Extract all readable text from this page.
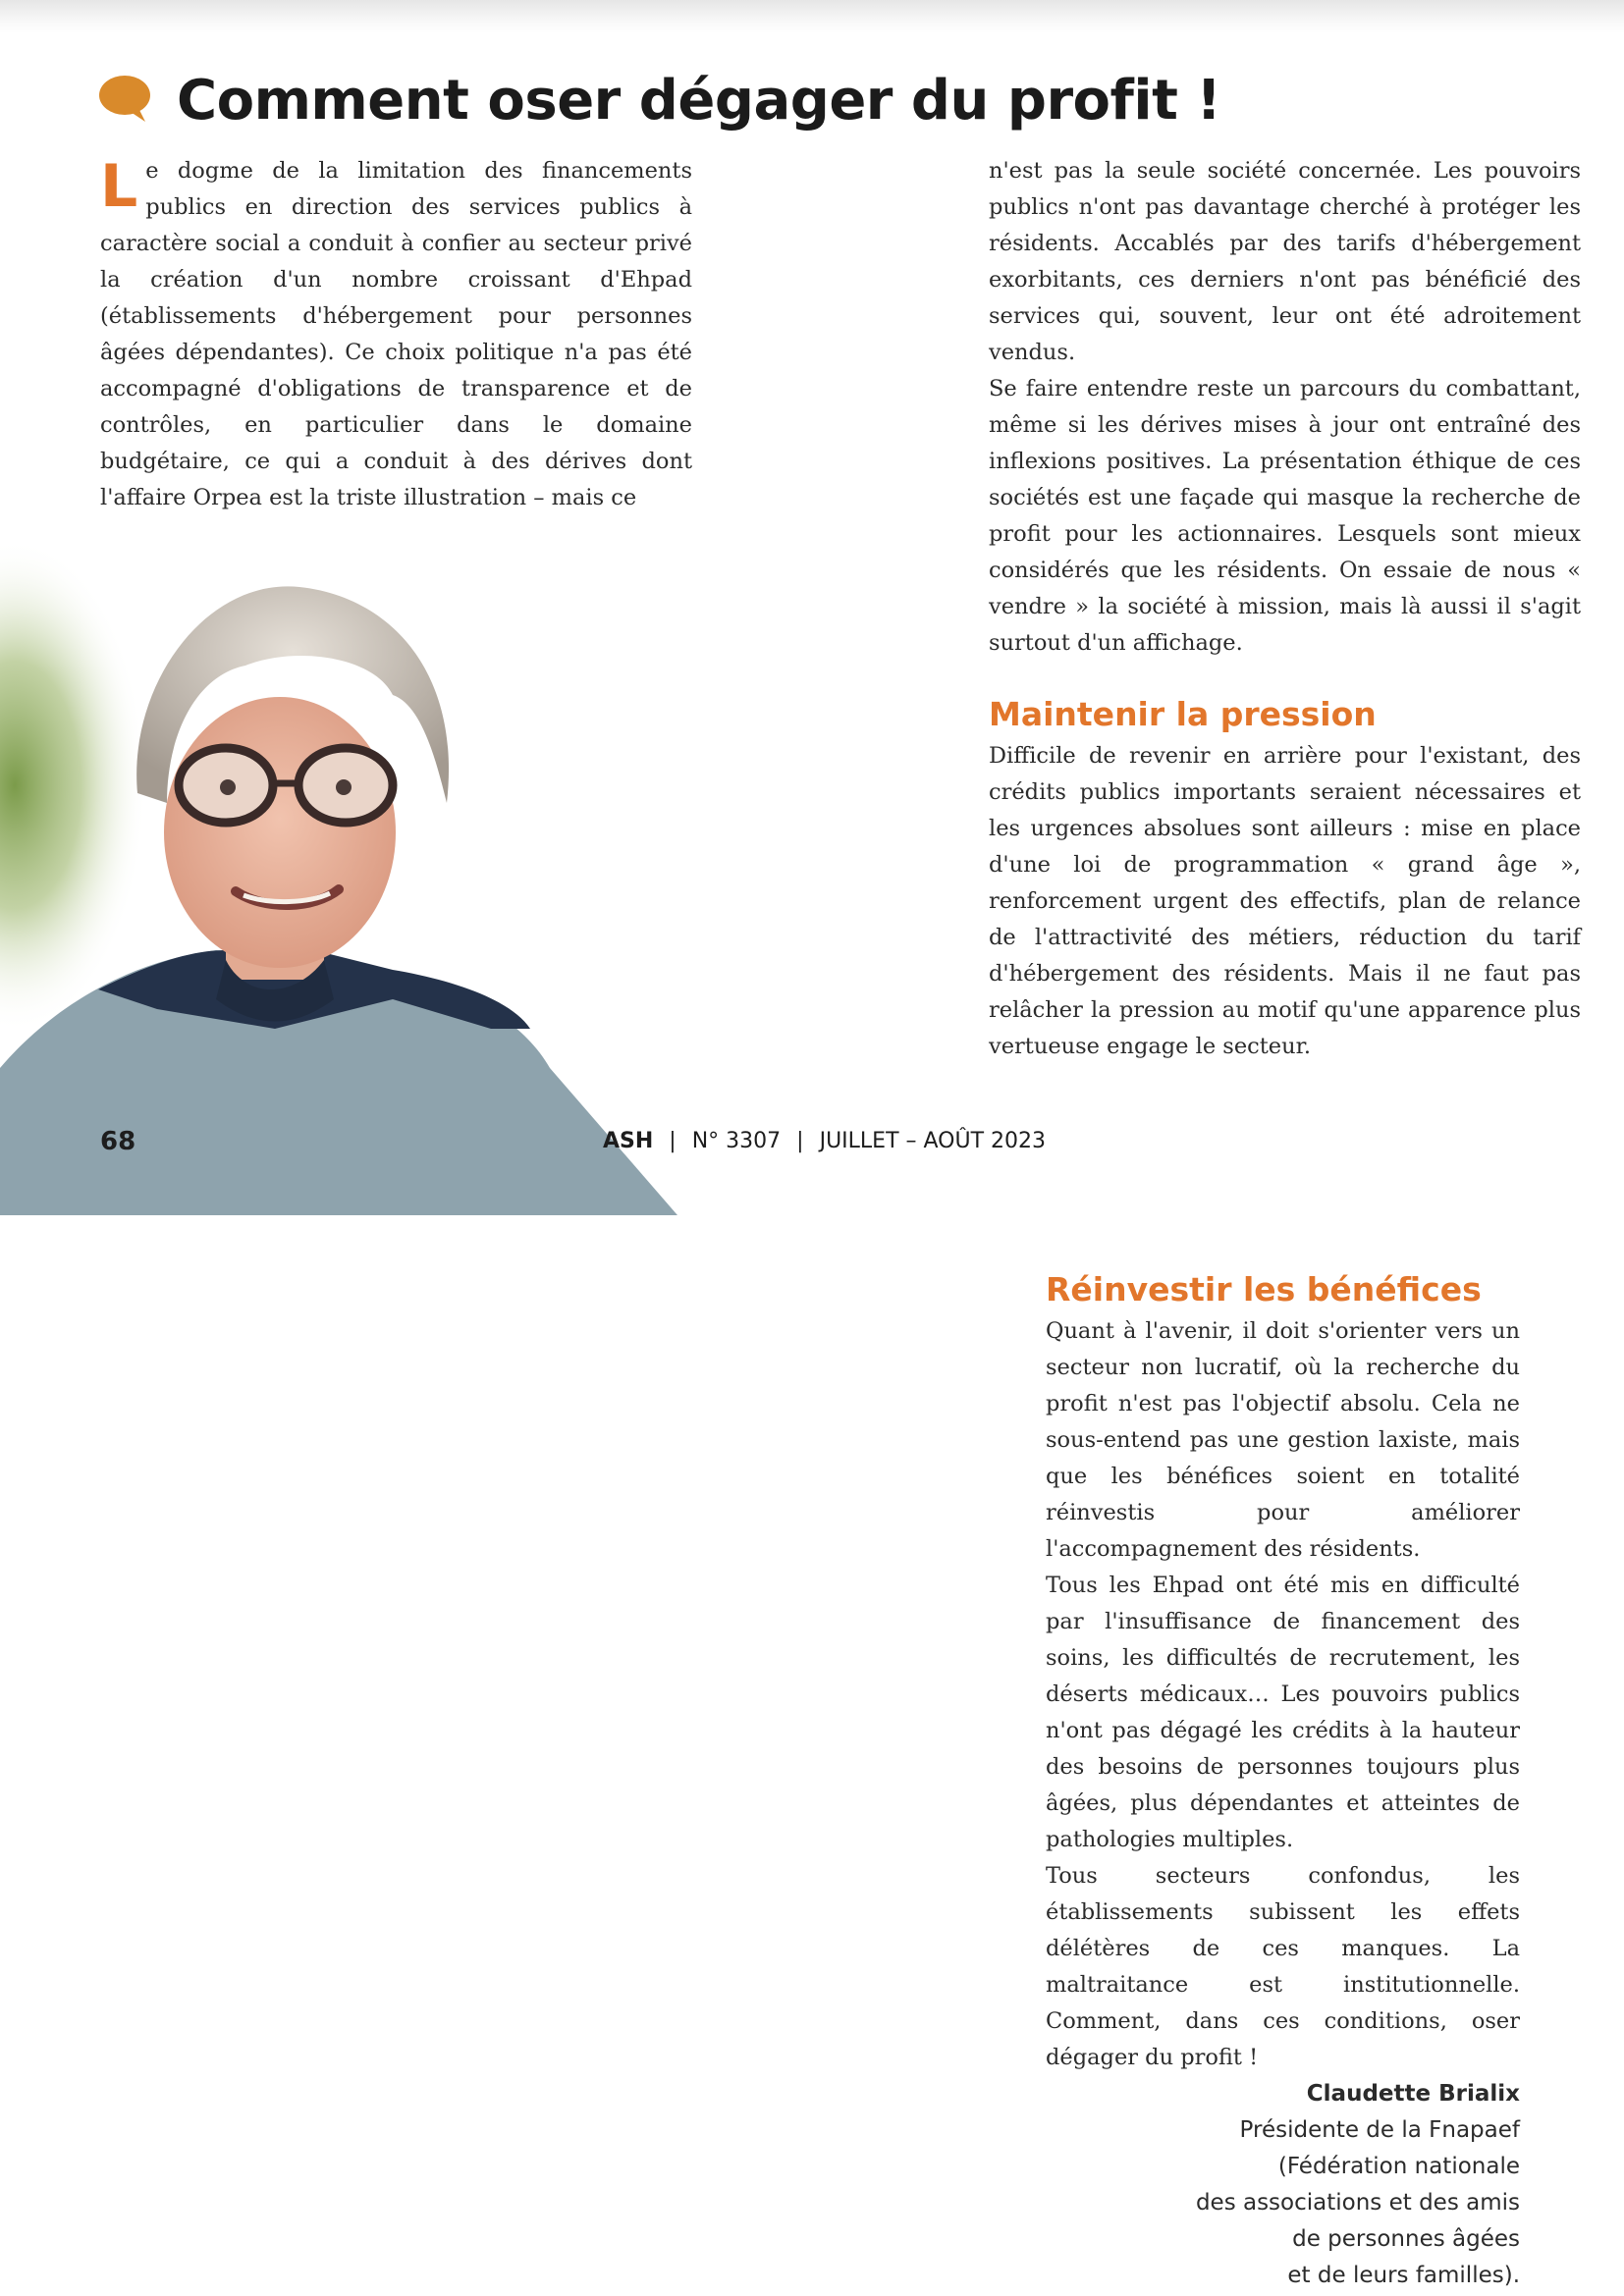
Comment oser dégager du profit !

Le dogme de la limitation des financements publics en direction des services publics à caractère social a conduit à confier au secteur privé la création d'un nombre croissant d'Ehpad (établissements d'hébergement pour personnes âgées dépendantes). Ce choix politique n'a pas été accompagné d'obligations de transparence et de contrôles, en particulier dans le domaine budgétaire, ce qui a conduit à des dérives dont l'affaire Orpea est la triste illustration – mais ce

n'est pas la seule société concernée. Les pouvoirs publics n'ont pas davantage cherché à protéger les résidents. Accablés par des tarifs d'hébergement exorbitants, ces derniers n'ont pas bénéficié des services qui, souvent, leur ont été adroitement vendus.

Se faire entendre reste un parcours du combattant, même si les dérives mises à jour ont entraîné des inflexions positives. La présentation éthique de ces sociétés est une façade qui masque la recherche de profit pour les actionnaires. Lesquels sont mieux considérés que les résidents. On essaie de nous « vendre » la société à mission, mais là aussi il s'agit surtout d'un affichage.

Maintenir la pression

Difficile de revenir en arrière pour l'existant, des crédits publics importants seraient nécessaires et les urgences absolues sont ailleurs : mise en place d'une loi de programmation « grand âge », renforcement urgent des effectifs, plan de relance de l'attractivité des métiers, réduction du tarif d'hébergement des résidents. Mais il ne faut pas relâcher la pression au motif qu'une apparence plus vertueuse engage le secteur.

68	ASH | N° 3307 | JUILLET – AOÛT 2023
Réinvestir les bénéfices

Quant à l'avenir, il doit s'orienter vers un secteur non lucratif, où la recherche du profit n'est pas l'objectif absolu. Cela ne sous-entend pas une gestion laxiste, mais que les bénéfices soient en totalité réinvestis pour améliorer l'accompagnement des résidents.

Tous les Ehpad ont été mis en difficulté par l'insuffisance de financement des soins, les difficultés de recrutement, les déserts médicaux… Les pouvoirs publics n'ont pas dégagé les crédits à la hauteur des besoins de personnes toujours plus âgées, plus dépendantes et atteintes de pathologies multiples.

Tous secteurs confondus, les établissements subissent les effets délétères de ces manques. La maltraitance est institutionnelle. Comment, dans ces conditions, oser dégager du profit !

Claudette Brialix
Présidente de la Fnapaef
(Fédération nationale
des associations et des amis
de personnes âgées
et de leurs familles).
